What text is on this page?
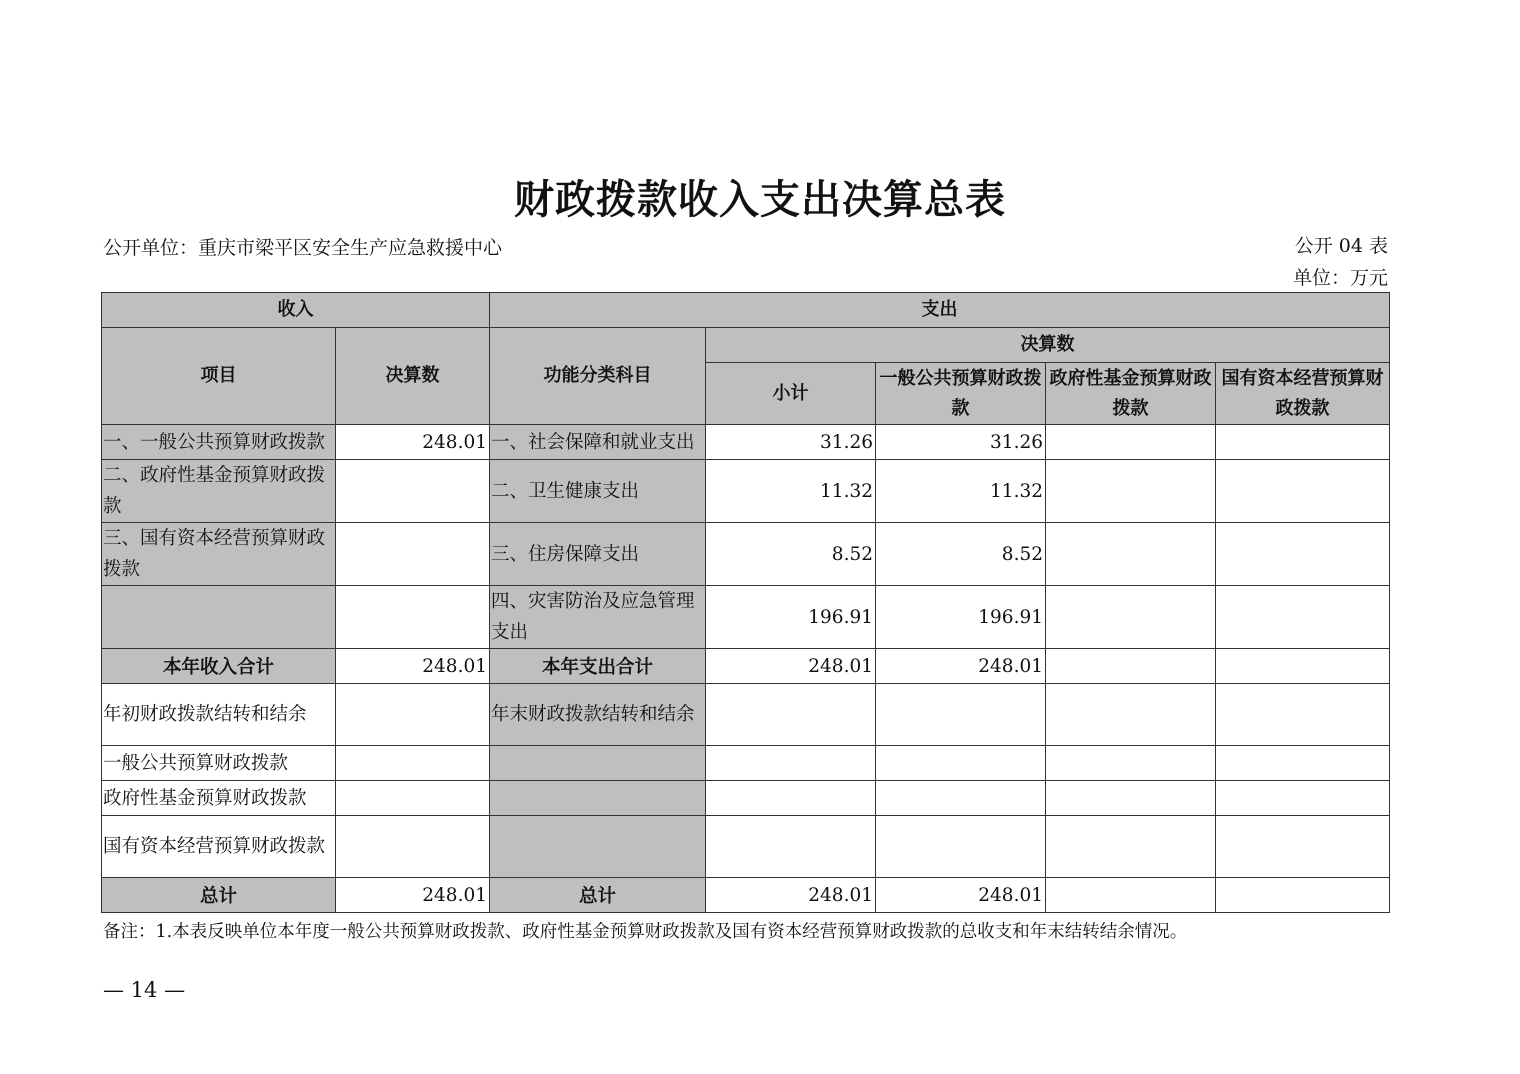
财政拨款收入支出决算总表
公开单位：重庆市梁平区安全生产应急救援中心	公开 04 表
单位：万元
收入		支出				
项目	决算数	功能分类科目	决算数			
			小计	一般公共预算财政拨款	政府性基金预算财政拨款	国有资本经营预算财政拨款
一、一般公共预算财政拨款	248.01	一、社会保障和就业支出	31.26	31.26		
二、政府性基金预算财政拨款		二、卫生健康支出	11.32	11.32		
三、国有资本经营预算财政拨款		三、住房保障支出	8.52	8.52		
		四、灾害防治及应急管理支出	196.91	196.91		
本年收入合计	248.01	本年支出合计	248.01	248.01		
年初财政拨款结转和结余		年末财政拨款结转和结余				
一般公共预算财政拨款						
政府性基金预算财政拨款						
国有资本经营预算财政拨款						
总计	248.01	总计	248.01	248.01		
备注：1.本表反映单位本年度一般公共预算财政拨款、政府性基金预算财政拨款及国有资本经营预算财政拨款的总收支和年末结转结余情况。
— 14 —
